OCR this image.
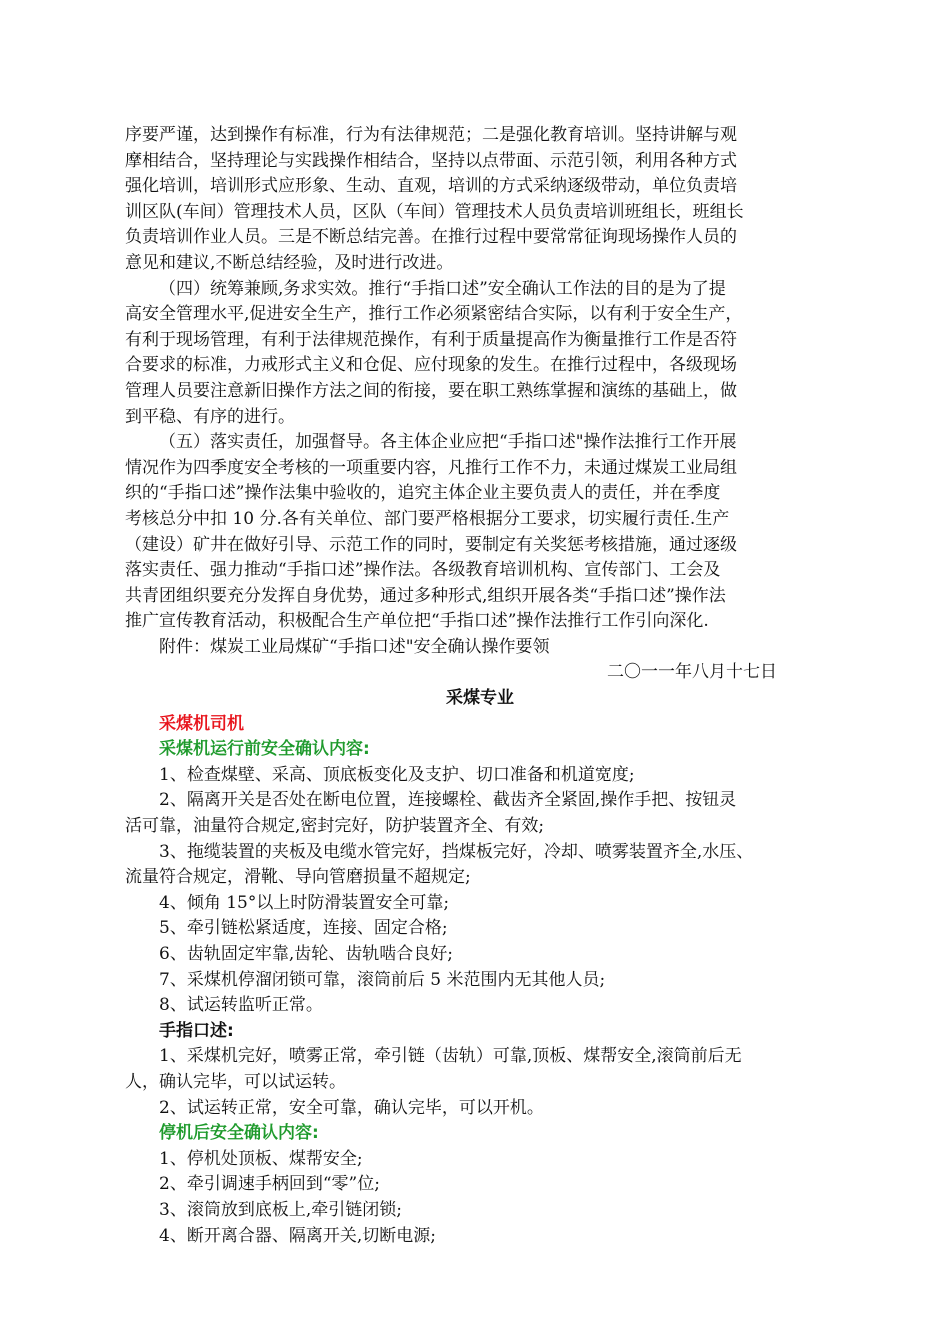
序要严谨，达到操作有标准，行为有法律规范；二是强化教育培训。坚持讲解与观
摩相结合，坚持理论与实践操作相结合，坚持以点带面、示范引领，利用各种方式
强化培训，培训形式应形象、生动、直观，培训的方式采纳逐级带动，单位负责培
训区队(车间）管理技术人员，区队（车间）管理技术人员负责培训班组长，班组长
负责培训作业人员。三是不断总结完善。在推行过程中要常常征询现场操作人员的
意见和建议,不断总结经验，及时进行改进。
（四）统筹兼顾,务求实效。推行“手指口述”安全确认工作法的目的是为了提
高安全管理水平,促进安全生产，推行工作必须紧密结合实际，以有利于安全生产，
有利于现场管理，有利于法律规范操作，有利于质量提高作为衡量推行工作是否符
合要求的标准，力戒形式主义和仓促、应付现象的发生。在推行过程中，各级现场
管理人员要注意新旧操作方法之间的衔接，要在职工熟练掌握和演练的基础上，做
到平稳、有序的进行。
（五）落实责任，加强督导。各主体企业应把“手指口述"操作法推行工作开展
情况作为四季度安全考核的一项重要内容，凡推行工作不力，未通过煤炭工业局组
织的“手指口述”操作法集中验收的，追究主体企业主要负责人的责任，并在季度
考核总分中扣 10 分.各有关单位、部门要严格根据分工要求，切实履行责任.生产
（建设）矿井在做好引导、示范工作的同时，要制定有关奖惩考核措施，通过逐级
落实责任、强力推动“手指口述”操作法。各级教育培训机构、宣传部门、工会及
共青团组织要充分发挥自身优势，通过多种形式,组织开展各类“手指口述”操作法
推广宣传教育活动，积极配合生产单位把“手指口述”操作法推行工作引向深化.
附件：煤炭工业局煤矿“手指口述"安全确认操作要领
二〇一一年八月十七日
采煤专业
采煤机司机
采煤机运行前安全确认内容:
1、检查煤壁、采高、顶底板变化及支护、切口准备和机道宽度;
2、隔离开关是否处在断电位置，连接螺栓、截齿齐全紧固,操作手把、按钮灵
活可靠，油量符合规定,密封完好，防护装置齐全、有效;
3、拖缆装置的夹板及电缆水管完好，挡煤板完好，冷却、喷雾装置齐全,水压、
流量符合规定，滑靴、导向管磨损量不超规定;
4、倾角 15°以上时防滑装置安全可靠;
5、牵引链松紧适度，连接、固定合格;
6、齿轨固定牢靠,齿轮、齿轨啮合良好;
7、采煤机停溜闭锁可靠，滚筒前后 5 米范围内无其他人员;
8、试运转监听正常。
手指口述:
1、采煤机完好，喷雾正常，牵引链（齿轨）可靠,顶板、煤帮安全,滚筒前后无
人，确认完毕，可以试运转。
2、试运转正常，安全可靠，确认完毕，可以开机。
停机后安全确认内容:
1、停机处顶板、煤帮安全;
2、牵引调速手柄回到“零”位;
3、滚筒放到底板上,牵引链闭锁;
4、断开离合器、隔离开关,切断电源;
